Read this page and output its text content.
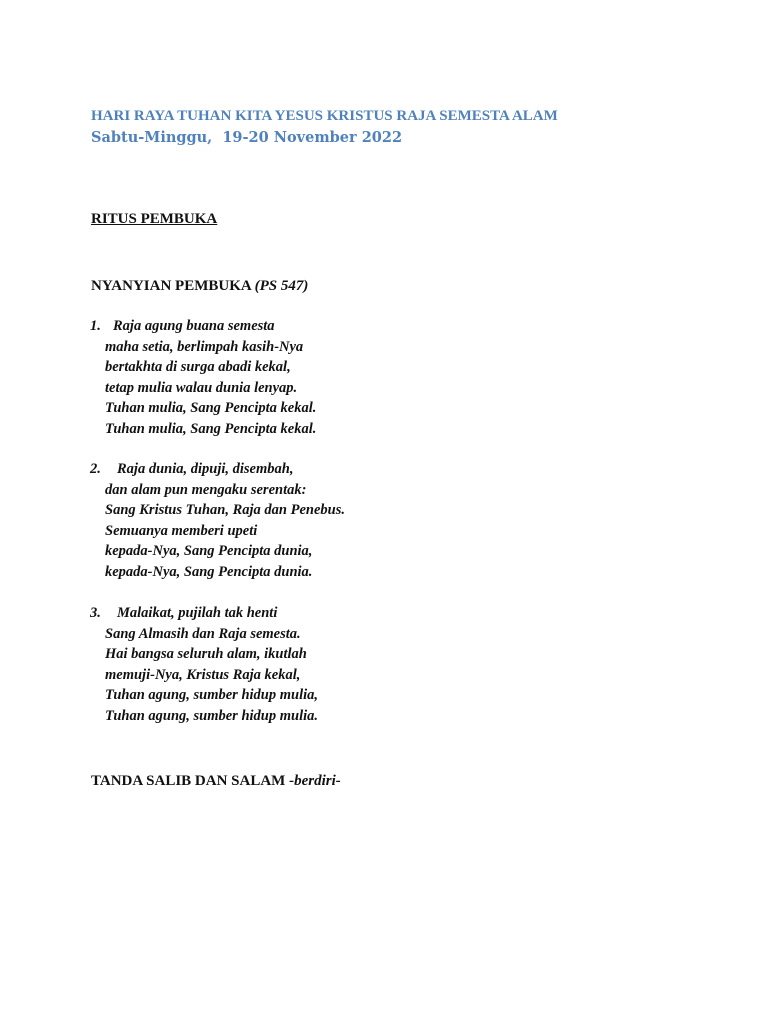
HARI RAYA TUHAN KITA YESUS KRISTUS RAJA SEMESTA ALAM
Sabtu-Minggu,  19-20 November 2022
RITUS PEMBUKA
NYANYIAN PEMBUKA (PS 547)
1. Raja agung buana semesta
maha setia, berlimpah kasih-Nya
bertakhta di surga abadi kekal,
tetap mulia walau dunia lenyap.
Tuhan mulia, Sang Pencipta kekal.
Tuhan mulia, Sang Pencipta kekal.
2. Raja dunia, dipuji, disembah,
dan alam pun mengaku serentak:
Sang Kristus Tuhan, Raja dan Penebus.
Semuanya memberi upeti
kepada-Nya, Sang Pencipta dunia,
kepada-Nya, Sang Pencipta dunia.
3. Malaikat, pujilah tak henti
Sang Almasih dan Raja semesta.
Hai bangsa seluruh alam, ikutlah
memuji-Nya, Kristus Raja kekal,
Tuhan agung, sumber hidup mulia,
Tuhan agung, sumber hidup mulia.
TANDA SALIB DAN SALAM -berdiri-
